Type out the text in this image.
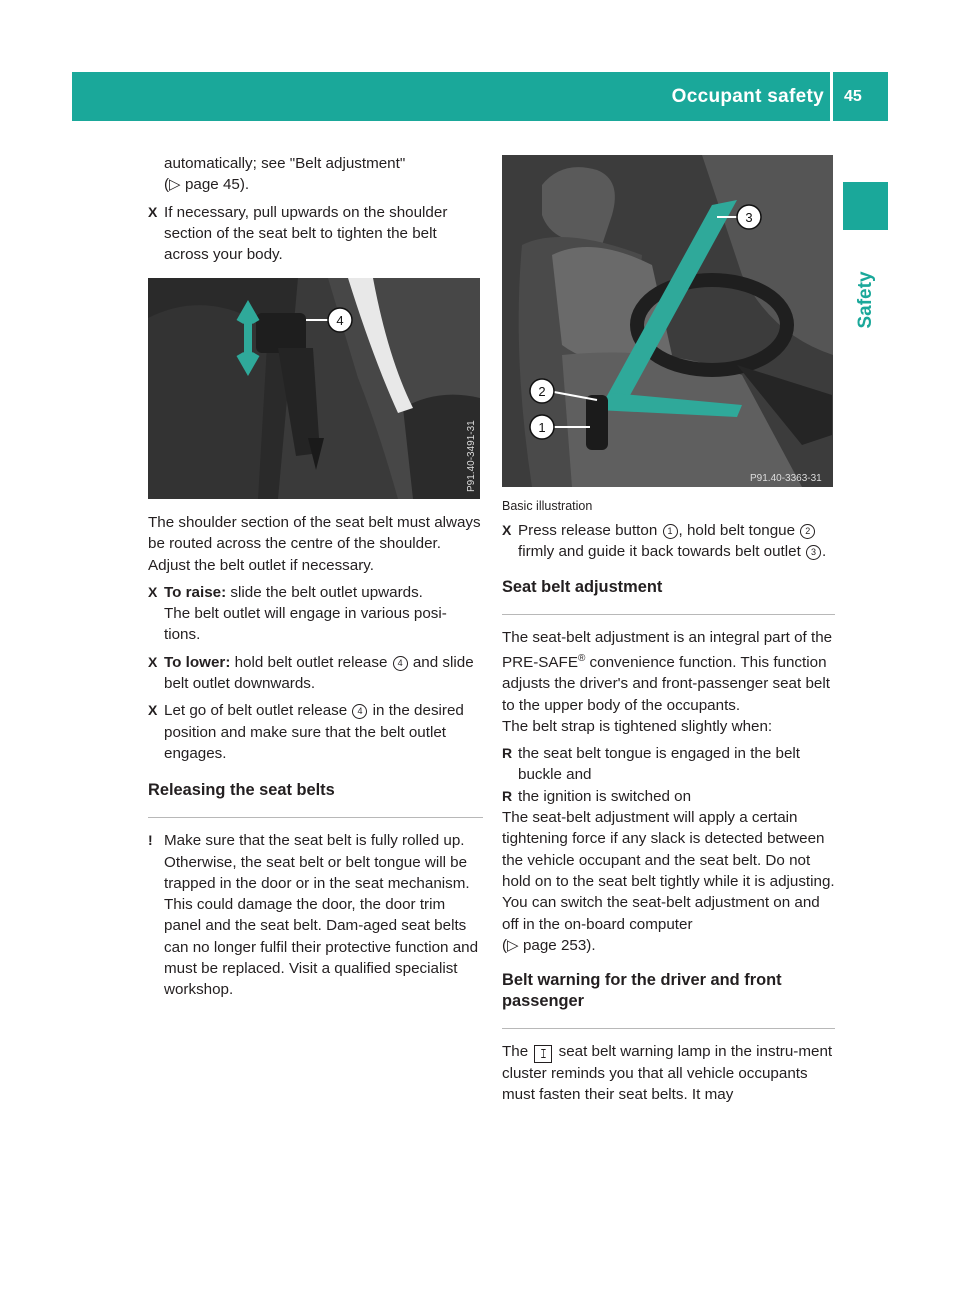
Occupant safety 45
Safety

automatically; see "Belt adjustment"

(▷ page 45).

X If necessary, pull upwards on the shoulder section of the seat belt to tighten the belt across your body.
4
P91.40-3491-31

The shoulder section of the seat belt must always be routed across the centre of the shoulder. Adjust the belt outlet if necessary.

X To raise: slide the belt outlet upwards.
The belt outlet will engage in various posi-tions.
X To lower: hold belt outlet release 4 and slide belt outlet downwards.
X Let go of belt outlet release 4 in the desired position and make sure that the belt outlet engages.
Releasing the seat belts
! Make sure that the seat belt is fully rolled up. Otherwise, the seat belt or belt tongue will be trapped in the door or in the seat mechanism. This could damage the door, the door trim panel and the seat belt. Dam-aged seat belts can no longer fulfil their protective function and must be replaced. Visit a qualified specialist workshop.
3
2
1
P91.40-3363-31

Basic illustration

X Press release button 1 , hold belt tongue 2 firmly and guide it back towards belt outlet 3 .
Seat belt adjustment

The seat-belt adjustment is an integral part of the PRE-SAFE® convenience function. This function adjusts the driver's and front-passenger seat belt to the upper body of the occupants.

The belt strap is tightened slightly when:

R the seat belt tongue is engaged in the belt buckle and
R the ignition is switched on

The seat-belt adjustment will apply a certain tightening force if any slack is detected between the vehicle occupant and the seat belt. Do not hold on to the seat belt tightly while it is adjusting.

You can switch the seat-belt adjustment on and off in the on-board computer

(▷ page 253).

Belt warning for the driver and front passenger

The ꕯ seat belt warning lamp in the instru-ment cluster reminds you that all vehicle occupants must fasten their seat belts. It may
